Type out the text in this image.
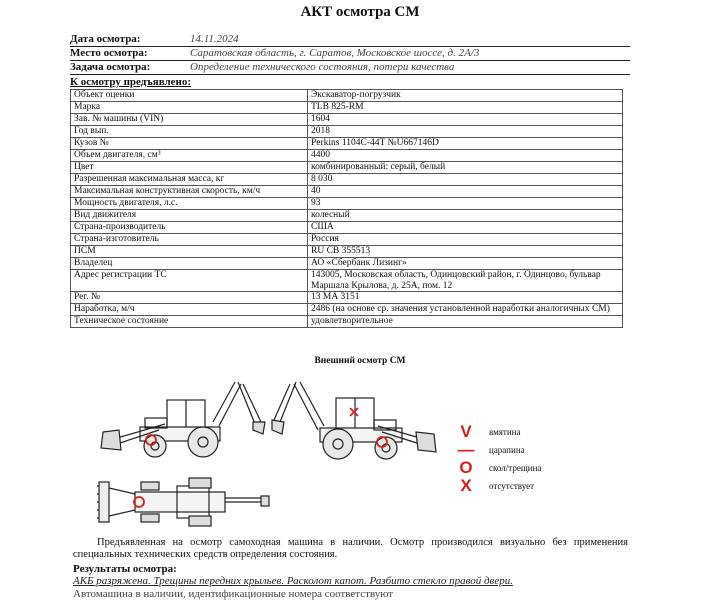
АКТ осмотра СМ
Дата осмотра:	14.11.2024
Место осмотра:	Саратовская область, г. Саратов, Московское шоссе, д. 2А/3
Задача осмотра:	Определение технического состояния, потери качества
К осмотру предъявлено:
Объект оценки	Экскаватор-погрузчик
Марка	TLB 825-RM
Зав. № машины (VIN)	1604
Год вып.	2018
Кузов №	Perkins 1104C-44T №U667146D
Объем двигателя, см³	4400
Цвет	комбинированный: серый, белый
Разрешенная максимальная масса, кг	8 030
Максимальная конструктивная скорость, км/ч	40
Мощность двигателя, л.с.	93
Вид движителя	колесный
Страна-производитель	США
Страна-изготовитель	Россия
ПСМ	RU CB 355513
Владелец	АО «Сбербанк Лизинг»
Адрес регистрации ТС	143005, Московская область, Одинцовский район, г. Одинцово, бульвар Маршала Крылова, д. 25А, пом. 12
Рег. №	13 МА 3151
Наработка, м/ч	2486 (на основе ср. значения установленной наработки аналогичных СМ)
Техническое состояние	удовлетворительное
Внешний осмотр СМ
V	вмятина
— царапина
O	скол/трещина
X	отсутствует
Предъявленная на осмотр самоходная машина в наличии. Осмотр производился визуально без применения специальных технических средств определения состояния.
Результаты осмотра:
АКБ разряжена. Трещины передних крыльев. Расколот капот. Разбито стекло правой двери.
Автомашина в наличии, идентификационные номера соответствуют
